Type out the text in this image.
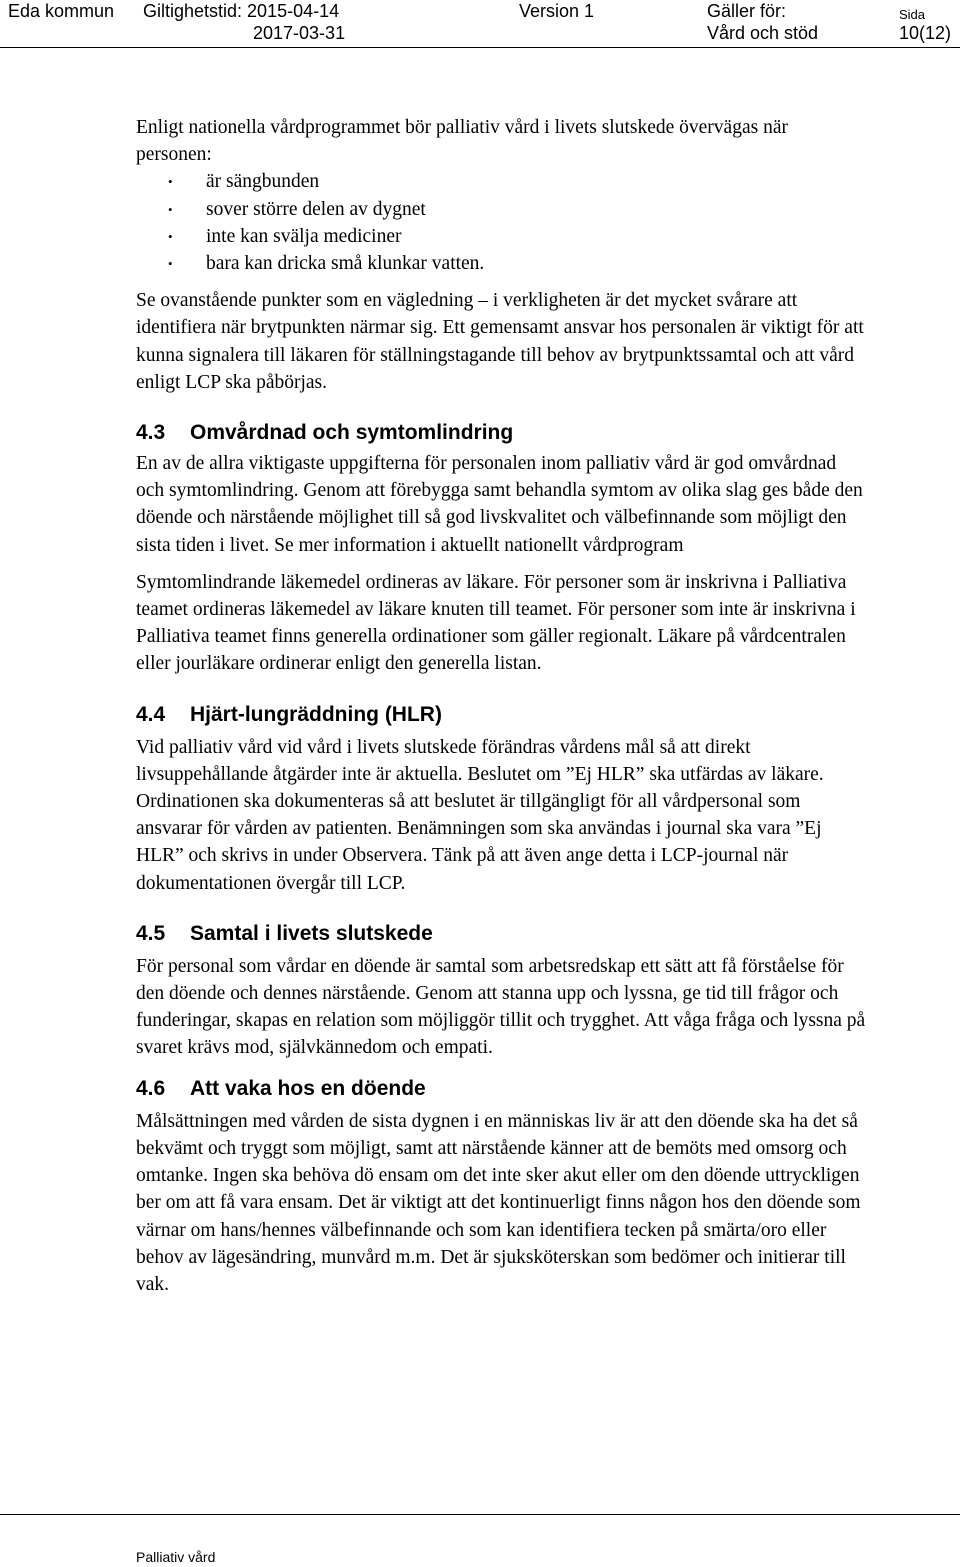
Eda kommun Giltighetstid: 2015-04-14
2017-03-31
Version 1	Gäller för:
Vård och stöd
Sida
10(12)

Enligt nationella vårdprogrammet bör palliativ vård i livets slutskede övervägas när personen:

• är sängbunden
• sover större delen av dygnet
• inte kan svälja mediciner
• bara kan dricka små klunkar vatten.

Se ovanstående punkter som en vägledning – i verkligheten är det mycket svårare att identifiera när brytpunkten närmar sig. Ett gemensamt ansvar hos personalen är viktigt för att kunna signalera till läkaren för ställningstagande till behov av brytpunktssamtal och att vård enligt LCP ska påbörjas.

4.3 Omvårdnad och symtomlindring

En av de allra viktigaste uppgifterna för personalen inom palliativ vård är god omvårdnad och symtomlindring. Genom att förebygga samt behandla symtom av olika slag ges både den döende och närstående möjlighet till så god livskvalitet och välbefinnande som möjligt den sista tiden i livet. Se mer information i aktuellt nationellt vårdprogram

Symtomlindrande läkemedel ordineras av läkare. För personer som är inskrivna i Palliativa teamet ordineras läkemedel av läkare knuten till teamet. För personer som inte är inskrivna i Palliativa teamet finns generella ordinationer som gäller regionalt. Läkare på vårdcentralen eller jourläkare ordinerar enligt den generella listan.

4.4 Hjärt-lungräddning (HLR)

Vid palliativ vård vid vård i livets slutskede förändras vårdens mål så att direkt livsuppehållande åtgärder inte är aktuella. Beslutet om ”Ej HLR” ska utfärdas av läkare. Ordinationen ska dokumenteras så att beslutet är tillgängligt för all vårdpersonal som ansvarar för vården av patienten. Benämningen som ska användas i journal ska vara ”Ej HLR” och skrivs in under Observera. Tänk på att även ange detta i LCP-journal när dokumentationen övergår till LCP.

4.5 Samtal i livets slutskede

För personal som vårdar en döende är samtal som arbetsredskap ett sätt att få förståelse för den döende och dennes närstående. Genom att stanna upp och lyssna, ge tid till frågor och funderingar, skapas en relation som möjliggör tillit och trygghet. Att våga fråga och lyssna på svaret krävs mod, självkännedom och empati.

4.6 Att vaka hos en döende

Målsättningen med vården de sista dygnen i en människas liv är att den döende ska ha det så bekvämt och tryggt som möjligt, samt att närstående känner att de bemöts med omsorg och omtanke. Ingen ska behöva dö ensam om det inte sker akut eller om den döende uttryckligen ber om att få vara ensam. Det är viktigt att det kontinuerligt finns någon hos den döende som värnar om hans/hennes välbefinnande och som kan identifiera tecken på smärta/oro eller behov av lägesändring, munvård m.m. Det är sjuksköterskan som bedömer och initierar till vak.

Palliativ vård
